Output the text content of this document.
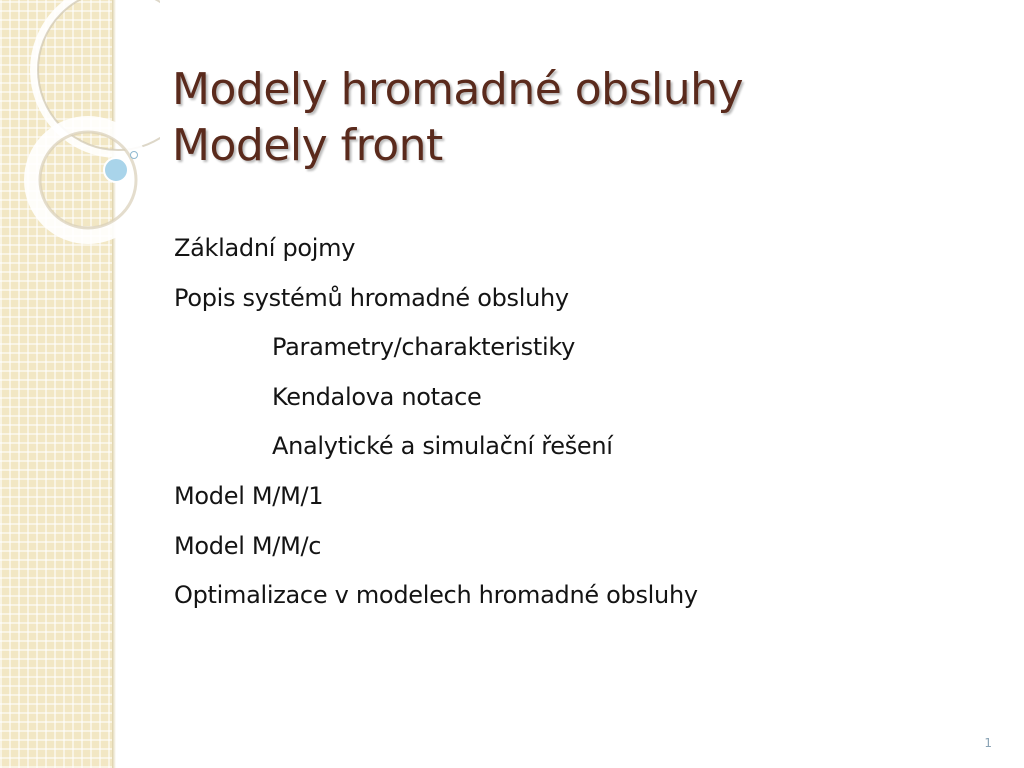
Modely hromadné obsluhy
Modely front
Základní pojmy
Popis systémů hromadné obsluhy
Parametry/charakteristiky
Kendalova notace
Analytické a simulační řešení
Model M/M/1
Model M/M/c
Optimalizace v modelech hromadné obsluhy
1
